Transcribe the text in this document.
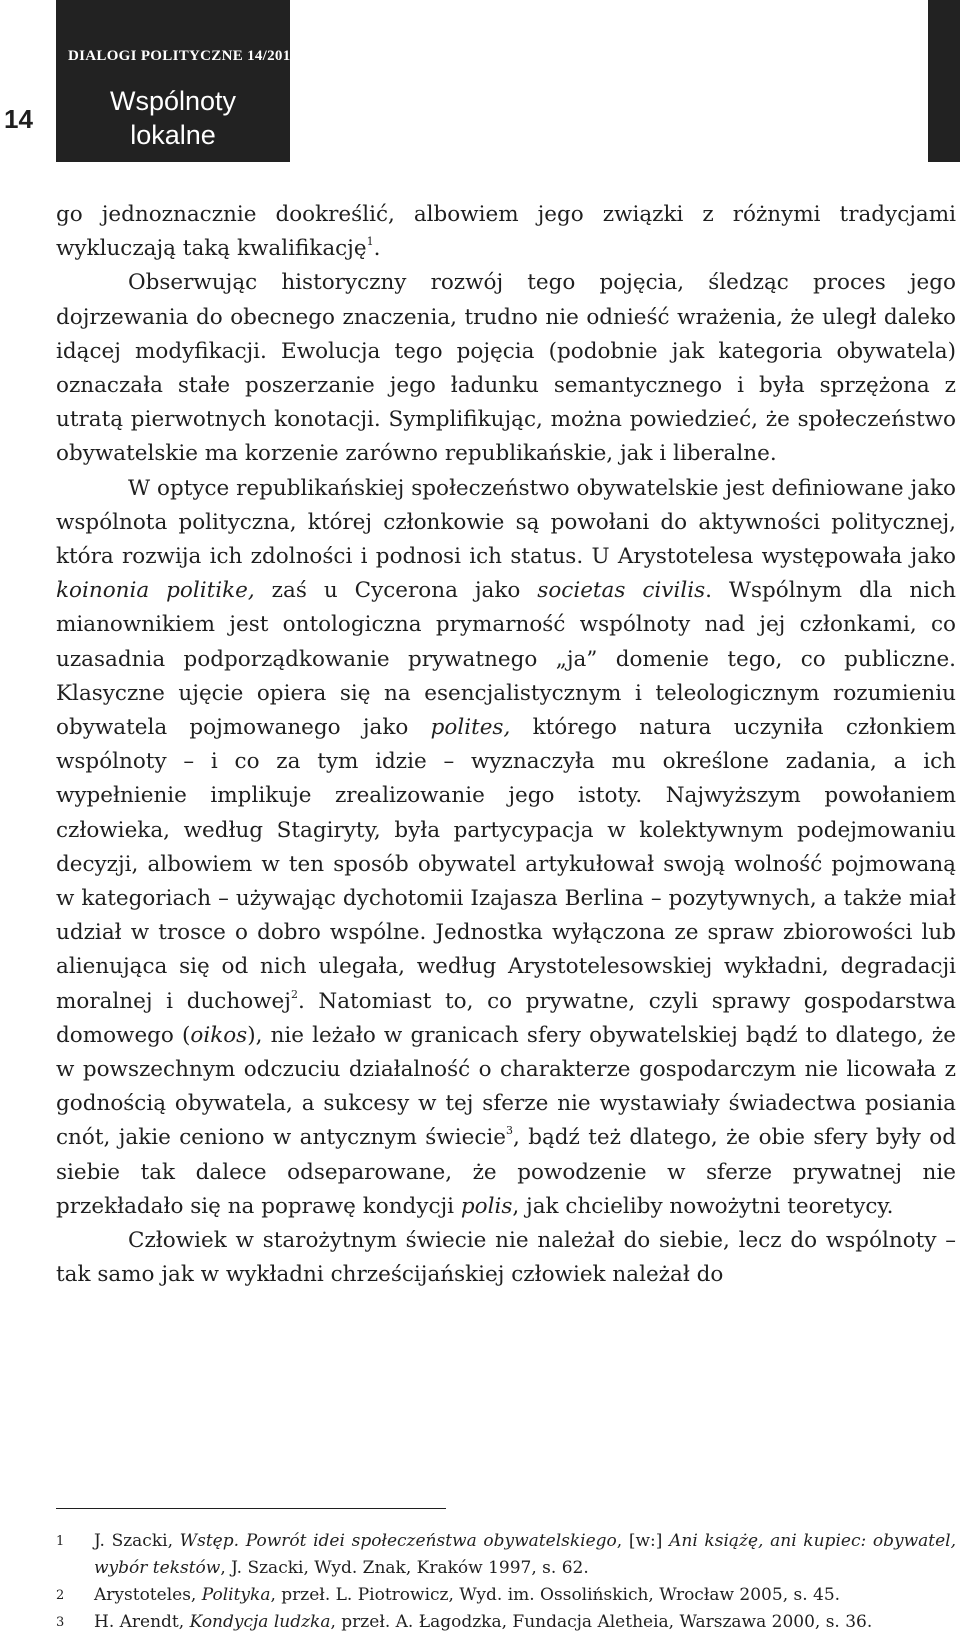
14
DIALOGI POLITYCZNE 14/2011
Wspólnoty
lokalne

go jednoznacznie dookreślić, albowiem jego związki z różnymi tradycjami wykluczają taką kwalifikację$^1$.

Obserwując historyczny rozwój tego pojęcia, śledząc proces jego dojrzewania do obecnego znaczenia, trudno nie odnieść wrażenia, że uległ daleko idącej modyfikacji. Ewolucja tego pojęcia (podobnie jak kategoria obywatela) oznaczała stałe poszerzanie jego ładunku semantycznego i była sprzężona z utratą pierwotnych konotacji. Symplifikując, można powiedzieć, że społeczeństwo obywatelskie ma korzenie zarówno republikańskie, jak i liberalne.

W optyce republikańskiej społeczeństwo obywatelskie jest definiowane jako wspólnota polityczna, której członkowie są powołani do aktywności politycznej, która rozwija ich zdolności i podnosi ich status. U Arystotelesa występowała jako koinonia politike, zaś u Cycerona jako societas civilis. Wspólnym dla nich mianownikiem jest ontologiczna prymarność wspólnoty nad jej członkami, co uzasadnia podporządkowanie prywatnego „ja” domenie tego, co publiczne. Klasyczne ujęcie opiera się na esencjalistycznym i teleologicznym rozumieniu obywatela pojmowanego jako polites, którego natura uczyniła członkiem wspólnoty – i co za tym idzie – wyznaczyła mu określone zadania, a ich wypełnienie implikuje zrealizowanie jego istoty. Najwyższym powołaniem człowieka, według Stagiryty, była partycypacja w kolektywnym podejmowaniu decyzji, albowiem w ten sposób obywatel artykułował swoją wolność pojmowaną w kategoriach – używając dychotomii Izajasza Berlina – pozytywnych, a także miał udział w trosce o dobro wspólne. Jednostka wyłączona ze spraw zbiorowości lub alienująca się od nich ulegała, według Arystotelesowskiej wykładni, degradacji moralnej i duchowej$^2$. Natomiast to, co prywatne, czyli sprawy gospodarstwa domowego (oikos), nie leżało w granicach sfery obywatelskiej bądź to dlatego, że w powszechnym odczuciu działalność o charakterze gospodarczym nie licowała z godnością obywatela, a sukcesy w tej sferze nie wystawiały świadectwa posiania cnót, jakie ceniono w antycznym świecie$^3$, bądź też dlatego, że obie sfery były od siebie tak dalece odseparowane, że powodzenie w sferze prywatnej nie przekładało się na poprawę kondycji polis, jak chcieliby nowożytni teoretycy.

Człowiek w starożytnym świecie nie należał do siebie, lecz do wspólnoty – tak samo jak w wykładni chrześcijańskiej człowiek należał do

1	J. Szacki, Wstęp. Powrót idei społeczeństwa obywatelskiego, [w:] Ani książę, ani kupiec: obywatel, wybór tekstów, J. Szacki, Wyd. Znak, Kraków 1997, s. 62.
2	Arystoteles, Polityka, przeł. L. Piotrowicz, Wyd. im. Ossolińskich, Wrocław 2005, s. 45.
3	H. Arendt, Kondycja ludzka, przeł. A. Łagodzka, Fundacja Aletheia, Warszawa 2000, s. 36.
